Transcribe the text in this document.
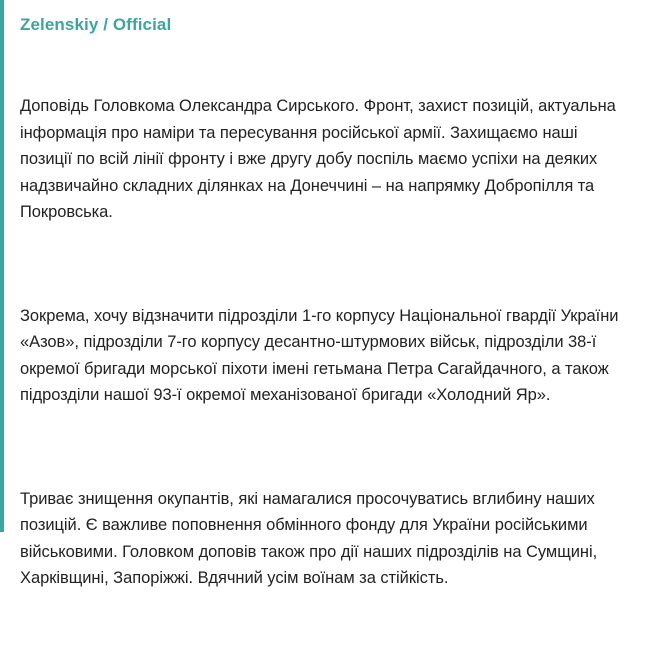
Zelenskiy / Official

Доповідь Головкома Олександра Сирського. Фронт, захист позицій, актуальна інформація про наміри та пересування російської армії. Захищаємо наші позиції по всій лінії фронту і вже другу добу поспіль маємо успіхи на деяких надзвичайно складних ділянках на Донеччині – на напрямку Добропілля та Покровська.

Зокрема, хочу відзначити підрозділи 1-го корпусу Національної гвардії України «Азов», підрозділи 7-го корпусу десантно-штурмових військ, підрозділи 38-ї окремої бригади морської піхоти імені гетьмана Петра Сагайдачного, а також підрозділи нашої 93-ї окремої механізованої бригади «Холодний Яр».

Триває знищення окупантів, які намагалися просочуватись вглибину наших позицій. Є важливе поповнення обмінного фонду для України російськими військовими. Головком доповів також про дії наших підрозділів на Сумщині, Харківщині, Запоріжжі. Вдячний усім воїнам за стійкість.
